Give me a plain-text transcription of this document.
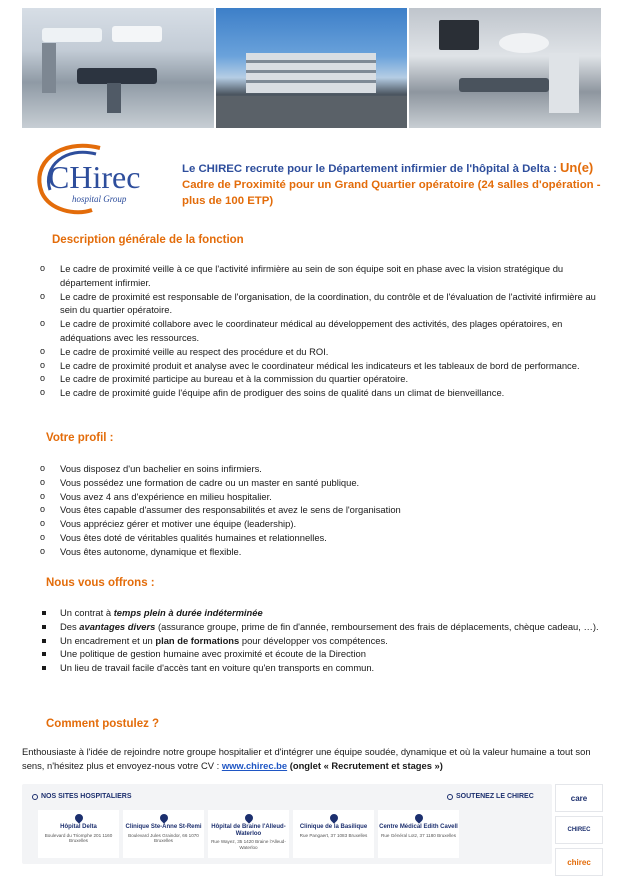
CHirec
hospital Group
Le CHIREC recrute pour le Département infirmier de l'hôpital à Delta : Un(e) Cadre de Proximité pour un Grand Quartier opératoire (24 salles d'opération - plus de 100 ETP)
Description générale de la fonction
o Le cadre de proximité veille à ce que l'activité infirmière au sein de son équipe soit en phase avec la vision stratégique du département infirmier.
o Le cadre de proximité est responsable de l'organisation, de la coordination, du contrôle et de l'évaluation de l'activité infirmière au sein du quartier opératoire.
o Le cadre de proximité collabore avec le coordinateur médical au développement des activités, des plages opératoires, en adéquations avec les ressources.
o Le cadre de proximité veille au respect des procédure et du ROI.
o Le cadre de proximité produit et analyse avec le coordinateur médical les indicateurs et les tableaux de bord de performance.
o Le cadre de proximité participe au bureau et à la commission du quartier opératoire.
o Le cadre de proximité guide l'équipe afin de prodiguer des soins de qualité dans un climat de bienveillance.
Votre profil :
o Vous disposez d'un bachelier en soins infirmiers.
o Vous possédez une formation de cadre ou un master en santé publique.
o Vous avez 4 ans d'expérience en milieu hospitalier.
o Vous êtes capable d'assumer des responsabilités et avez le sens de l'organisation
o Vous appréciez gérer et motiver une équipe (leadership).
o Vous êtes doté de véritables qualités humaines et relationnelles.
o Vous êtes autonome, dynamique et flexible.
Nous vous offrons :
Un contrat à temps plein à durée indéterminée
Des avantages divers (assurance groupe, prime de fin d'année, remboursement des frais de déplacements, chèque cadeau, …).
Un encadrement et un plan de formations pour développer vos compétences.
Une politique de gestion humaine avec proximité et écoute de la Direction
Un lieu de travail facile d'accès tant en voiture qu'en transports en commun.
Comment postulez ?
Enthousiaste à l'idée de rejoindre notre groupe hospitalier et d'intégrer une équipe soudée, dynamique et où la valeur humaine a tout son sens, n'hésitez plus et envoyez-nous votre CV : www.chirec.be (onglet « Recrutement et stages »)
NOS SITES HOSPITALIERS	SOUTENEZ LE CHIREC
Hôpital Delta
Boulevard du Triomphe 201 1160 Bruxelles
Clinique Ste-Anne St-Remi
Boulevard Jules Graindor, 66 1070 Bruxelles
Hôpital de Braine l'Alleud-Waterloo
Rue Wayez, 35 1420 Braine l'Alleud-Waterloo
Clinique de la Basilique
Rue Pangaert, 37 1083 Bruxelles
Centre Médical Edith Cavell
Rue Général Lotz, 37 1180 Bruxelles
care
CHIREC
chirec
